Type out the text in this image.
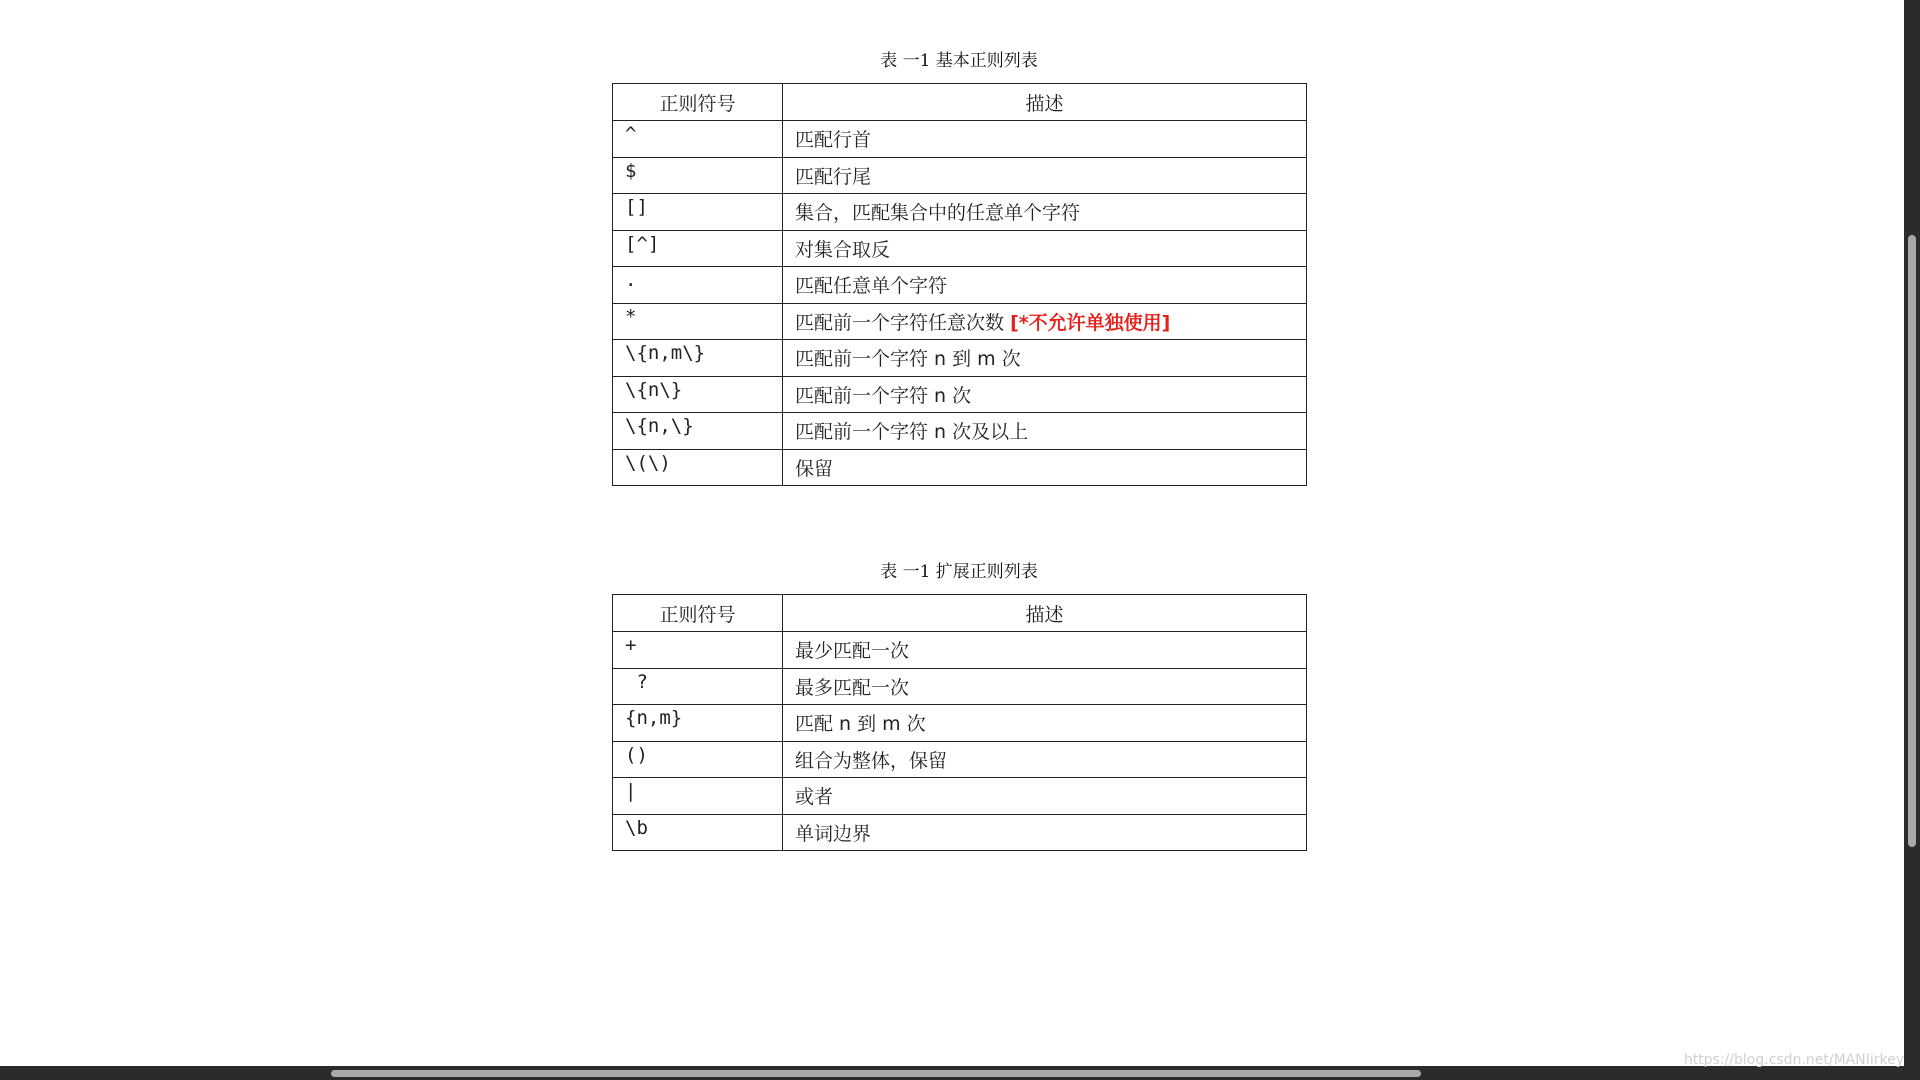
表 一1 基本正则列表
正则符号	描述
^	匹配行首
$	匹配行尾
[]	集合，匹配集合中的任意单个字符
[^]	对集合取反
.	匹配任意单个字符
*	匹配前一个字符任意次数 [*不允许单独使用]
\{n,m\}	匹配前一个字符 n 到 m 次
\{n\}	匹配前一个字符 n 次
\{n,\}	匹配前一个字符 n 次及以上
\(\)	保留
表 一1 扩展正则列表
正则符号	描述
+	最少匹配一次
?	最多匹配一次
{n,m}	匹配 n 到 m 次
()	组合为整体，保留
|	或者
\b	单词边界
https://blog.csdn.net/MANIirkey
